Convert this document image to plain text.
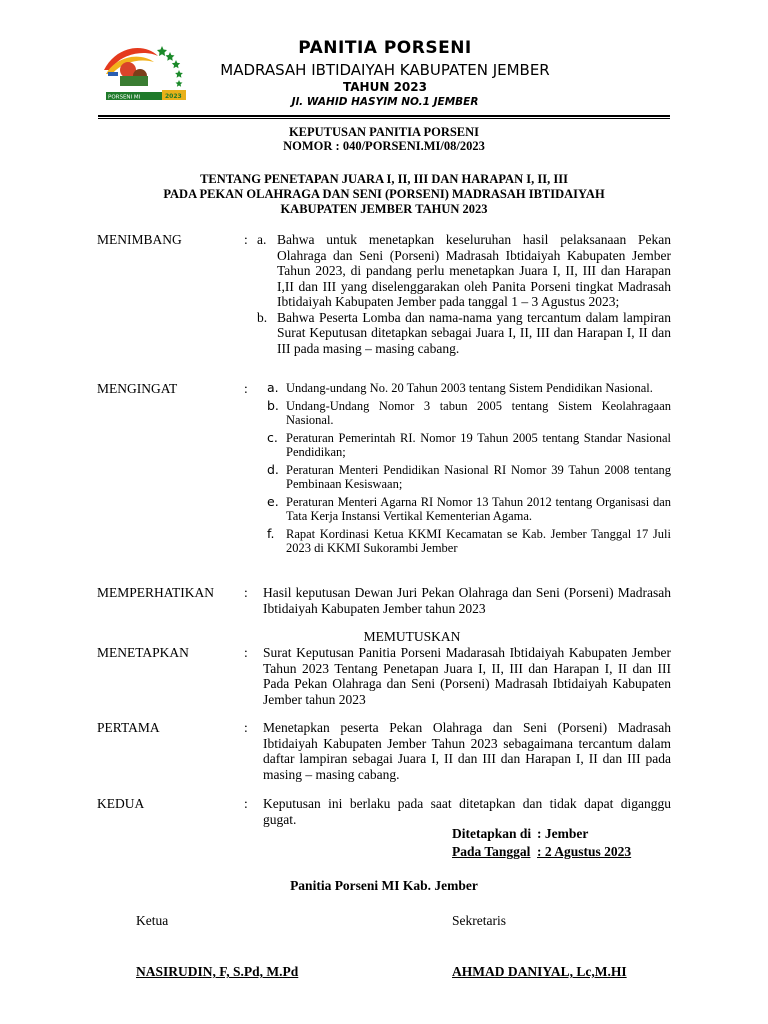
PORSENI MI	2023
PANITIA PORSENI
MADRASAH IBTIDAIYAH KABUPATEN JEMBER
TAHUN 2023
Jl. WAHID HASYIM NO.1 JEMBER
KEPUTUSAN PANITIA PORSENI
NOMOR : 040/PORSENI.MI/08/2023
TENTANG PENETAPAN JUARA I, II, III DAN HARAPAN I, II, III
PADA PEKAN OLAHRAGA DAN SENI (PORSENI) MADRASAH IBTIDAIYAH
KABUPATEN JEMBER TAHUN 2023
MENIMBANG	: a. Bahwa untuk menetapkan keseluruhan hasil pelaksanaan Pekan Olahraga dan Seni (Porseni) Madrasah Ibtidaiyah Kabupaten Jember Tahun 2023, di pandang perlu menetapkan Juara I, II, III dan Harapan I,II dan III yang diselenggarakan oleh Panita Porseni tingkat Madrasah Ibtidaiyah Kabupaten Jember pada tanggal 1 – 3 Agustus 2023;
b. Bahwa Peserta Lomba dan nama-nama yang tercantum dalam lampiran Surat Keputusan ditetapkan sebagai Juara I, II, III dan Harapan I, II dan III pada masing – masing cabang.
MENGINGAT	: a. Undang-undang No. 20 Tahun 2003 tentang Sistem Pendidikan Nasional.
b. Undang-Undang Nomor 3 tabun 2005 tentang Sistem Keolahragaan Nasional.
c. Peraturan Pemerintah RI. Nomor 19 Tahun 2005 tentang Standar Nasional Pendidikan;
d. Peraturan Menteri Pendidikan Nasional RI Nomor 39 Tahun 2008 tentang Pembinaan Kesiswaan;
e. Peraturan Menteri Agarna RI Nomor 13 Tahun 2012 tentang Organisasi dan Tata Kerja Instansi Vertikal Kementerian Agama.
f. Rapat Kordinasi Ketua KKMI Kecamatan se Kab. Jember Tanggal 17 Juli 2023 di KKMI Sukorambi Jember
MEMPERHATIKAN : Hasil keputusan Dewan Juri Pekan Olahraga dan Seni (Porseni) Madrasah Ibtidaiyah Kabupaten Jember tahun 2023
MEMUTUSKAN
MENETAPKAN	: Surat Keputusan Panitia Porseni Madarasah Ibtidaiyah Kabupaten Jember Tahun 2023 Tentang Penetapan Juara I, II, III dan Harapan I, II dan III Pada Pekan Olahraga dan Seni (Porseni) Madrasah Ibtidaiyah Kabupaten Jember tahun 2023
PERTAMA	: Menetapkan peserta Pekan Olahraga dan Seni (Porseni) Madrasah Ibtidaiyah Kabupaten Jember Tahun 2023 sebagaimana tercantum dalam daftar lampiran sebagai Juara I, II dan III dan Harapan I, II dan III pada masing – masing cabang.
KEDUA	: Keputusan ini berlaku pada saat ditetapkan dan tidak dapat diganggu gugat.
Ditetapkan di : Jember
Pada Tanggal : 2 Agustus 2023
Panitia Porseni MI Kab. Jember
Ketua	Sekretaris
NASIRUDIN, F, S.Pd, M.Pd	AHMAD DANIYAL, Lc,M.HI
